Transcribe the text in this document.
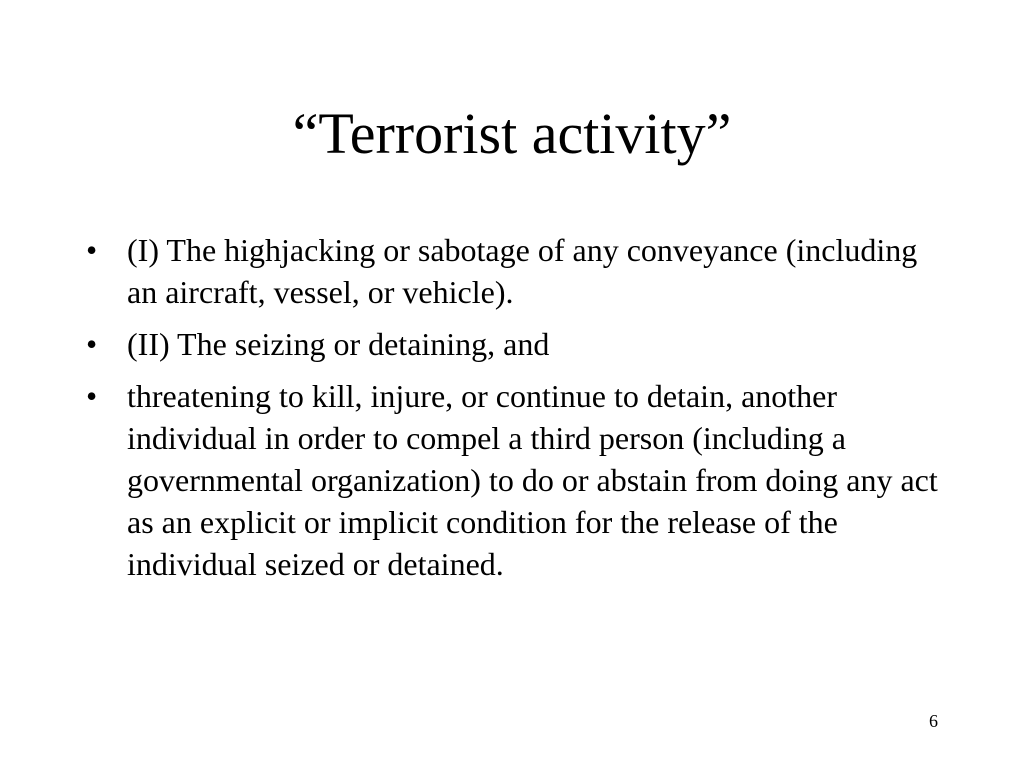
“Terrorist activity”
• (I) The highjacking or sabotage of any conveyance (including an aircraft, vessel, or vehicle).
• (II) The seizing or detaining, and
• threatening to kill, injure, or continue to detain, another individual in order to compel a third person (including a governmental organization) to do or abstain from doing any act as an explicit or implicit condition for the release of the individual seized or detained.
6
